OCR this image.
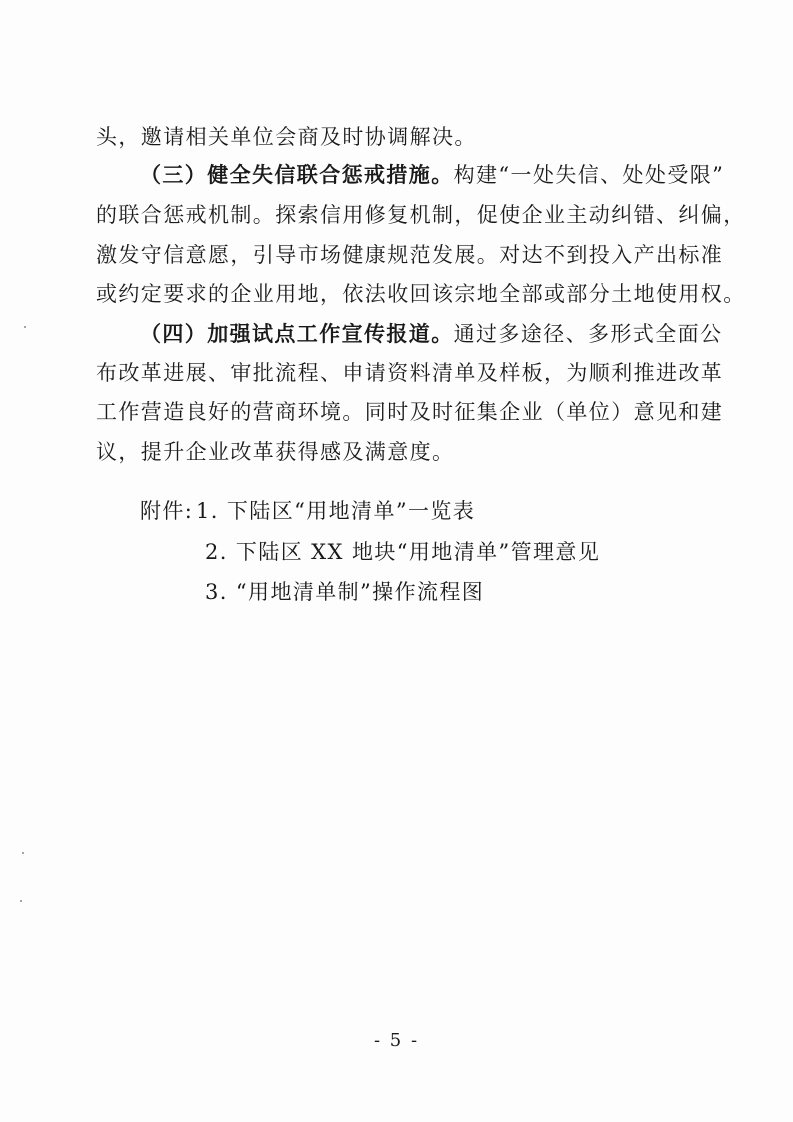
头，邀请相关单位会商及时协调解决。
（三）健全失信联合惩戒措施。构建“一处失信、处处受限”
的联合惩戒机制。探索信用修复机制，促使企业主动纠错、纠偏，
激发守信意愿，引导市场健康规范发展。对达不到投入产出标准
或约定要求的企业用地，依法收回该宗地全部或部分土地使用权。
（四）加强试点工作宣传报道。通过多途径、多形式全面公
布改革进展、审批流程、申请资料清单及样板，为顺利推进改革
工作营造良好的营商环境。同时及时征集企业（单位）意见和建
议，提升企业改革获得感及满意度。
附件: 1. 下陆区“用地清单”一览表
2. 下陆区 XX 地块“用地清单”管理意见
3. “用地清单制”操作流程图
- 5 -
